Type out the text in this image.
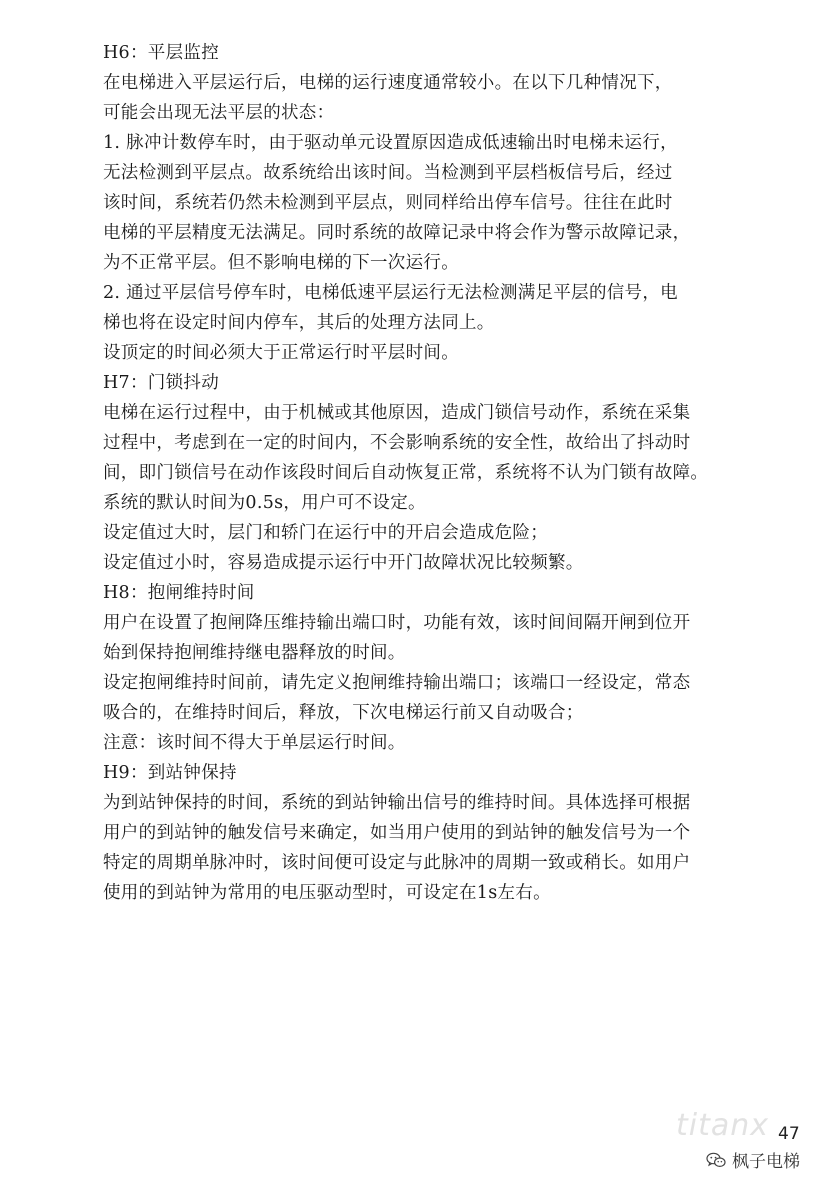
H6：平层监控
在电梯进入平层运行后，电梯的运行速度通常较小。在以下几种情况下，
可能会出现无法平层的状态：
1. 脉冲计数停车时，由于驱动单元设置原因造成低速输出时电梯未运行，
无法检测到平层点。故系统给出该时间。当检测到平层档板信号后，经过
该时间，系统若仍然未检测到平层点，则同样给出停车信号。往往在此时
电梯的平层精度无法满足。同时系统的故障记录中将会作为警示故障记录，
为不正常平层。但不影响电梯的下一次运行。
2. 通过平层信号停车时，电梯低速平层运行无法检测满足平层的信号，电
梯也将在设定时间内停车，其后的处理方法同上。
设顶定的时间必须大于正常运行时平层时间。
H7：门锁抖动
电梯在运行过程中，由于机械或其他原因，造成门锁信号动作，系统在采集
过程中，考虑到在一定的时间内，不会影响系统的安全性，故给出了抖动时
间，即门锁信号在动作该段时间后自动恢复正常，系统将不认为门锁有故障。
系统的默认时间为0.5s，用户可不设定。
设定值过大时，层门和轿门在运行中的开启会造成危险；
设定值过小时，容易造成提示运行中开门故障状况比较频繁。
H8：抱闸维持时间
用户在设置了抱闸降压维持输出端口时，功能有效，该时间间隔开闸到位开
始到保持抱闸维持继电器释放的时间。
设定抱闸维持时间前，请先定义抱闸维持输出端口；该端口一经设定，常态
吸合的，在维持时间后，释放，下次电梯运行前又自动吸合；
注意：该时间不得大于单层运行时间。
H9：到站钟保持
为到站钟保持的时间，系统的到站钟输出信号的维持时间。具体选择可根据
用户的到站钟的触发信号来确定，如当用户使用的到站钟的触发信号为一个
特定的周期单脉冲时，该时间便可设定与此脉冲的周期一致或稍长。如用户
使用的到站钟为常用的电压驱动型时，可设定在1s左右。
titanx 47
枫子电梯
